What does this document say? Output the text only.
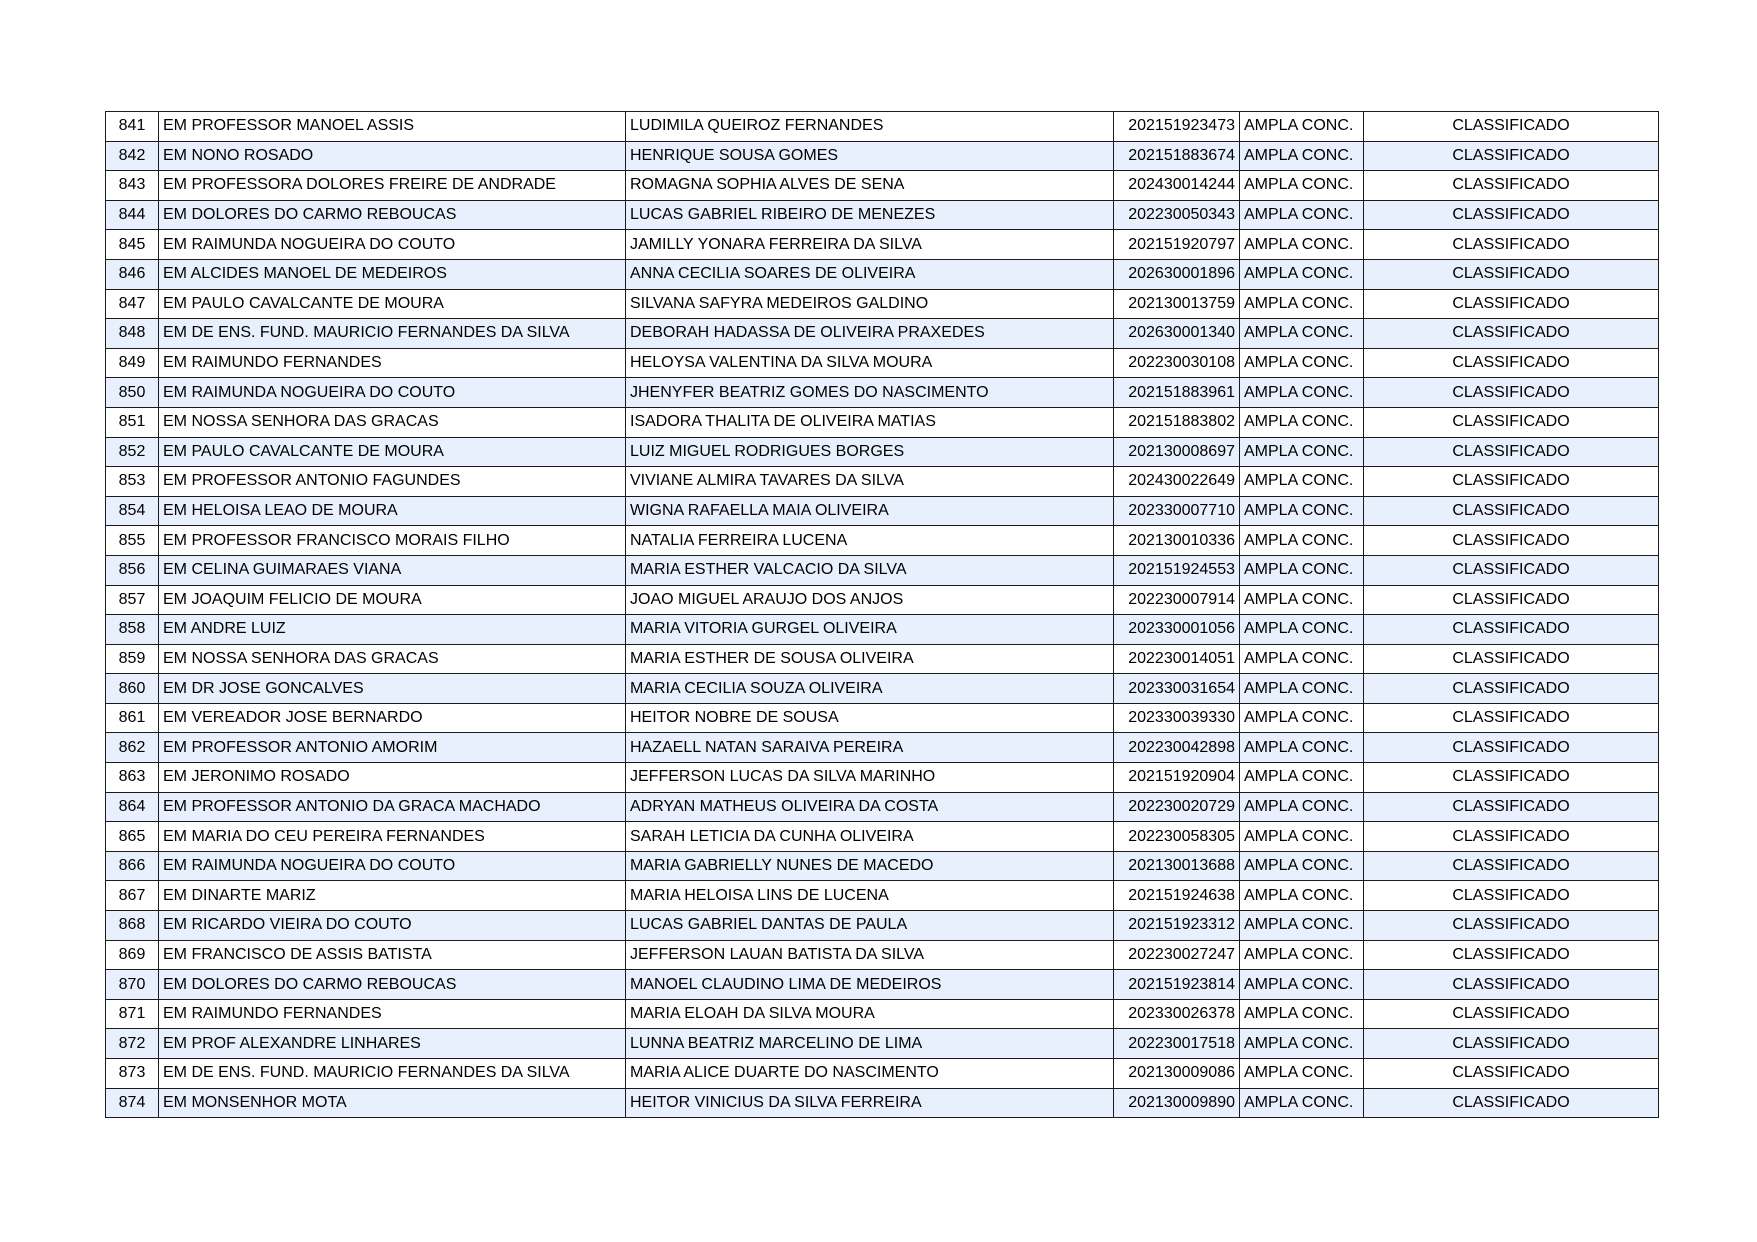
841	EM PROFESSOR MANOEL ASSIS	LUDIMILA QUEIROZ FERNANDES	202151923473	AMPLA CONC.	CLASSIFICADO
842	EM NONO ROSADO	HENRIQUE SOUSA GOMES	202151883674	AMPLA CONC.	CLASSIFICADO
843	EM PROFESSORA DOLORES FREIRE DE ANDRADE	ROMAGNA SOPHIA ALVES DE SENA	202430014244	AMPLA CONC.	CLASSIFICADO
844	EM DOLORES DO CARMO REBOUCAS	LUCAS GABRIEL RIBEIRO DE MENEZES	202230050343	AMPLA CONC.	CLASSIFICADO
845	EM RAIMUNDA NOGUEIRA DO COUTO	JAMILLY YONARA FERREIRA DA SILVA	202151920797	AMPLA CONC.	CLASSIFICADO
846	EM ALCIDES MANOEL DE MEDEIROS	ANNA CECILIA SOARES DE OLIVEIRA	202630001896	AMPLA CONC.	CLASSIFICADO
847	EM PAULO CAVALCANTE DE MOURA	SILVANA SAFYRA MEDEIROS GALDINO	202130013759	AMPLA CONC.	CLASSIFICADO
848	EM DE ENS. FUND. MAURICIO FERNANDES DA SILVA	DEBORAH HADASSA DE OLIVEIRA PRAXEDES	202630001340	AMPLA CONC.	CLASSIFICADO
849	EM RAIMUNDO FERNANDES	HELOYSA VALENTINA DA SILVA MOURA	202230030108	AMPLA CONC.	CLASSIFICADO
850	EM RAIMUNDA NOGUEIRA DO COUTO	JHENYFER BEATRIZ GOMES DO NASCIMENTO	202151883961	AMPLA CONC.	CLASSIFICADO
851	EM NOSSA SENHORA DAS GRACAS	ISADORA THALITA DE OLIVEIRA MATIAS	202151883802	AMPLA CONC.	CLASSIFICADO
852	EM PAULO CAVALCANTE DE MOURA	LUIZ MIGUEL RODRIGUES BORGES	202130008697	AMPLA CONC.	CLASSIFICADO
853	EM PROFESSOR ANTONIO FAGUNDES	VIVIANE ALMIRA TAVARES DA SILVA	202430022649	AMPLA CONC.	CLASSIFICADO
854	EM HELOISA LEAO DE MOURA	WIGNA RAFAELLA MAIA OLIVEIRA	202330007710	AMPLA CONC.	CLASSIFICADO
855	EM PROFESSOR FRANCISCO MORAIS FILHO	NATALIA FERREIRA LUCENA	202130010336	AMPLA CONC.	CLASSIFICADO
856	EM CELINA GUIMARAES VIANA	MARIA ESTHER VALCACIO DA SILVA	202151924553	AMPLA CONC.	CLASSIFICADO
857	EM JOAQUIM FELICIO DE MOURA	JOAO MIGUEL ARAUJO DOS ANJOS	202230007914	AMPLA CONC.	CLASSIFICADO
858	EM ANDRE LUIZ	MARIA VITORIA GURGEL OLIVEIRA	202330001056	AMPLA CONC.	CLASSIFICADO
859	EM NOSSA SENHORA DAS GRACAS	MARIA ESTHER DE SOUSA OLIVEIRA	202230014051	AMPLA CONC.	CLASSIFICADO
860	EM DR JOSE GONCALVES	MARIA CECILIA SOUZA OLIVEIRA	202330031654	AMPLA CONC.	CLASSIFICADO
861	EM VEREADOR JOSE BERNARDO	HEITOR NOBRE DE SOUSA	202330039330	AMPLA CONC.	CLASSIFICADO
862	EM PROFESSOR ANTONIO AMORIM	HAZAELL NATAN SARAIVA PEREIRA	202230042898	AMPLA CONC.	CLASSIFICADO
863	EM JERONIMO ROSADO	JEFFERSON LUCAS DA SILVA MARINHO	202151920904	AMPLA CONC.	CLASSIFICADO
864	EM PROFESSOR ANTONIO DA GRACA MACHADO	ADRYAN MATHEUS OLIVEIRA DA COSTA	202230020729	AMPLA CONC.	CLASSIFICADO
865	EM MARIA DO CEU PEREIRA FERNANDES	SARAH LETICIA DA CUNHA OLIVEIRA	202230058305	AMPLA CONC.	CLASSIFICADO
866	EM RAIMUNDA NOGUEIRA DO COUTO	MARIA GABRIELLY NUNES DE MACEDO	202130013688	AMPLA CONC.	CLASSIFICADO
867	EM DINARTE MARIZ	MARIA HELOISA LINS DE LUCENA	202151924638	AMPLA CONC.	CLASSIFICADO
868	EM RICARDO VIEIRA DO COUTO	LUCAS GABRIEL DANTAS DE PAULA	202151923312	AMPLA CONC.	CLASSIFICADO
869	EM FRANCISCO DE ASSIS BATISTA	JEFFERSON LAUAN BATISTA DA SILVA	202230027247	AMPLA CONC.	CLASSIFICADO
870	EM DOLORES DO CARMO REBOUCAS	MANOEL CLAUDINO LIMA DE MEDEIROS	202151923814	AMPLA CONC.	CLASSIFICADO
871	EM RAIMUNDO FERNANDES	MARIA ELOAH DA SILVA MOURA	202330026378	AMPLA CONC.	CLASSIFICADO
872	EM PROF ALEXANDRE LINHARES	LUNNA BEATRIZ MARCELINO DE LIMA	202230017518	AMPLA CONC.	CLASSIFICADO
873	EM DE ENS. FUND. MAURICIO FERNANDES DA SILVA	MARIA ALICE DUARTE DO NASCIMENTO	202130009086	AMPLA CONC.	CLASSIFICADO
874	EM MONSENHOR MOTA	HEITOR VINICIUS DA SILVA FERREIRA	202130009890	AMPLA CONC.	CLASSIFICADO
